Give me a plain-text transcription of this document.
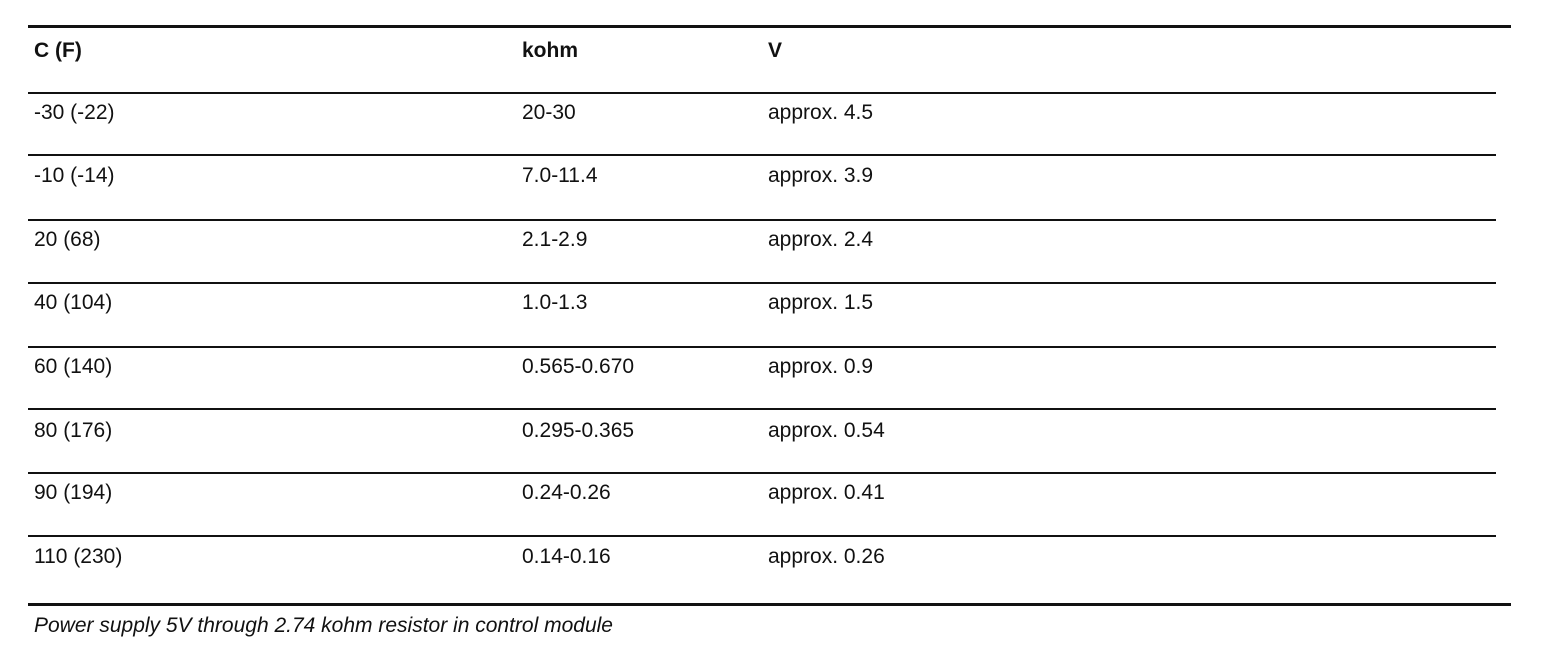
C (F)	kohm	V
-30 (-22)	20-30	approx. 4.5
-10 (-14)	7.0-11.4	approx. 3.9
20 (68)	2.1-2.9	approx. 2.4
40 (104)	1.0-1.3	approx. 1.5
60 (140)	0.565-0.670	approx. 0.9
80 (176)	0.295-0.365	approx. 0.54
90 (194)	0.24-0.26	approx. 0.41
110 (230)	0.14-0.16	approx. 0.26
Power supply 5V through 2.74 kohm resistor in control module
